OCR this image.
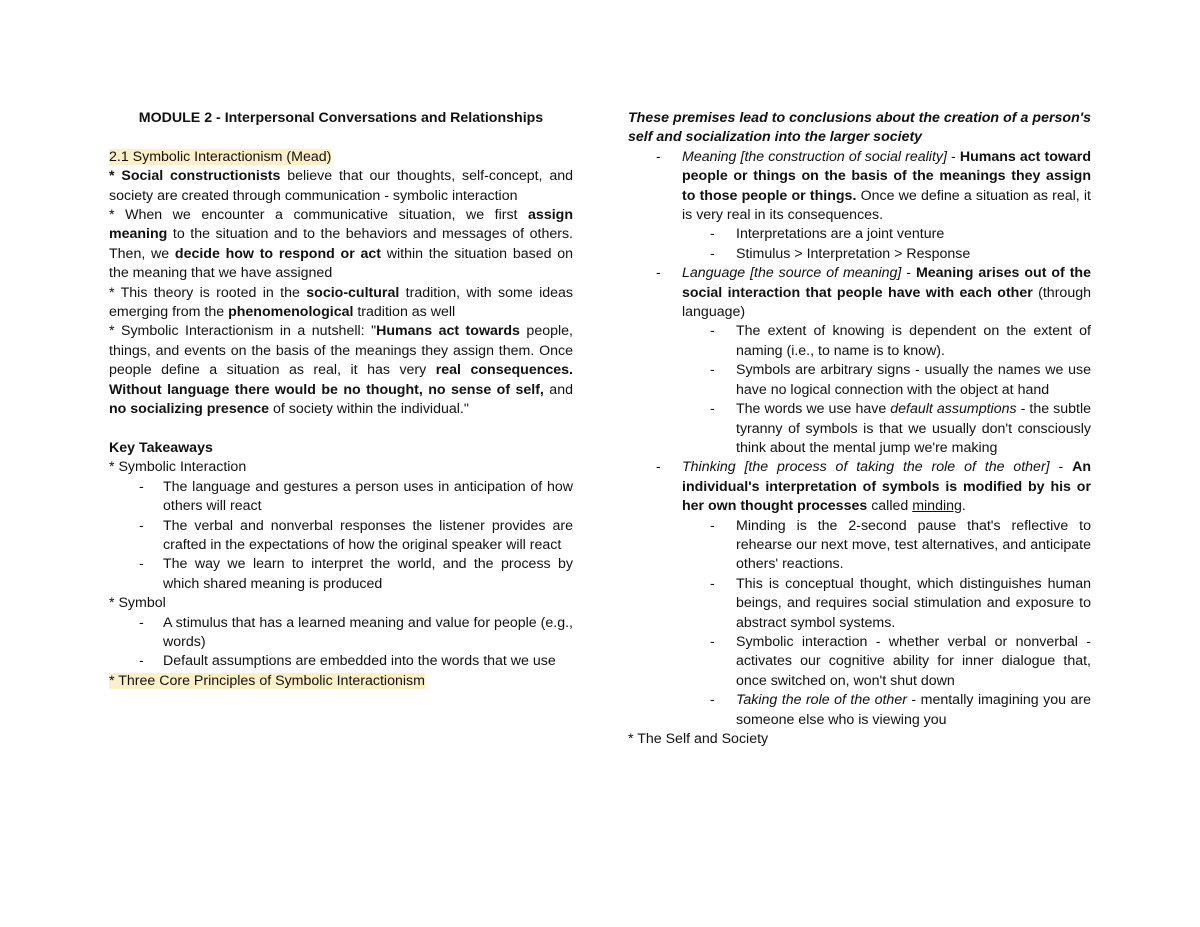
MODULE 2 - Interpersonal Conversations and Relationships

2.1 Symbolic Interactionism (Mead)

* Social constructionists believe that our thoughts, self-concept, and society are created through communication - symbolic interaction

* When we encounter a communicative situation, we first assign meaning to the situation and to the behaviors and messages of others. Then, we decide how to respond or act within the situation based on the meaning that we have assigned

* This theory is rooted in the socio-cultural tradition, with some ideas emerging from the phenomenological tradition as well

* Symbolic Interactionism in a nutshell: "Humans act towards people, things, and events on the basis of the meanings they assign them. Once people define a situation as real, it has very real consequences. Without language there would be no thought, no sense of self, and no socializing presence of society within the individual."

Key Takeaways

* Symbolic Interaction

- The language and gestures a person uses in anticipation of how others will react

- The verbal and nonverbal responses the listener provides are crafted in the expectations of how the original speaker will react

- The way we learn to interpret the world, and the process by which shared meaning is produced

* Symbol

- A stimulus that has a learned meaning and value for people (e.g., words)

- Default assumptions are embedded into the words that we use

* Three Core Principles of Symbolic Interactionism

These premises lead to conclusions about the creation of a person's self and socialization into the larger society

- Meaning [the construction of social reality] - Humans act toward people or things on the basis of the meanings they assign to those people or things. Once we define a situation as real, it is very real in its consequences.

- Interpretations are a joint venture

- Stimulus > Interpretation > Response

- Language [the source of meaning] - Meaning arises out of the social interaction that people have with each other (through language)

- The extent of knowing is dependent on the extent of naming (i.e., to name is to know).

- Symbols are arbitrary signs - usually the names we use have no logical connection with the object at hand

- The words we use have default assumptions - the subtle tyranny of symbols is that we usually don't consciously think about the mental jump we're making

- Thinking [the process of taking the role of the other] - An individual's interpretation of symbols is modified by his or her own thought processes called minding.

- Minding is the 2-second pause that's reflective to rehearse our next move, test alternatives, and anticipate others' reactions.

- This is conceptual thought, which distinguishes human beings, and requires social stimulation and exposure to abstract symbol systems.

- Symbolic interaction - whether verbal or nonverbal - activates our cognitive ability for inner dialogue that, once switched on, won't shut down

- Taking the role of the other - mentally imagining you are someone else who is viewing you

* The Self and Society
